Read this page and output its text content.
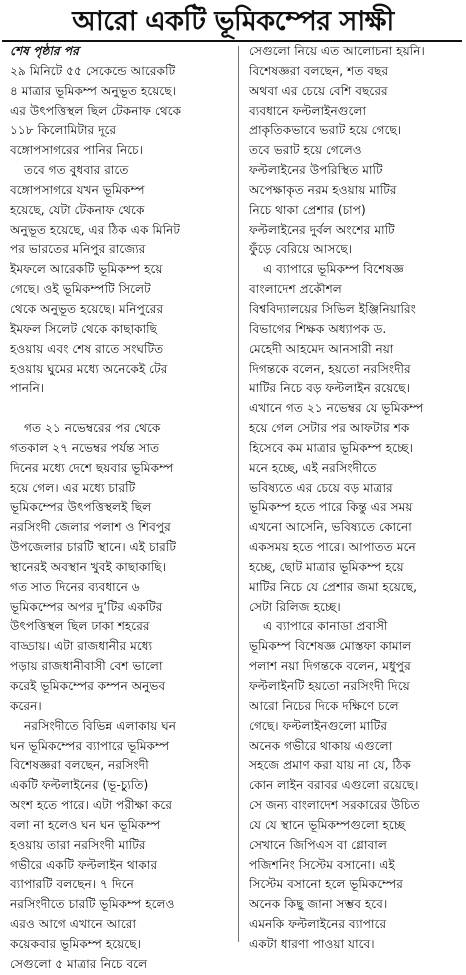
আরো একটি ভূমিকম্পের সাক্ষী
শেষ পৃষ্ঠার পর
২৯ মিনিটে ৫৫ সেকেন্ডে আরেকটি
৪ মাত্রার ভূমিকম্প অনুভূত হয়েছে।
এর উৎপত্তিস্থল ছিল টেকনাফ থেকে
১১৮ কিলোমিটার দূরে
বঙ্গোপসাগরের পানির নিচে।
তবে গত বুধবার রাতে
বঙ্গোপসাগরে যখন ভূমিকম্প
হয়েছে, যেটা টেকনাফ থেকে
অনুভূত হয়েছে, এর ঠিক এক মিনিট
পর ভারতের মনিপুর রাজ্যের
ইমফলে আরেকটি ভূমিকম্প হয়ে
গেছে। ওই ভূমিকম্পটি সিলেট
থেকে অনুভূত হয়েছে। মনিপুরের
ইমফল সিলেট থেকে কাছাকাছি
হওয়ায় এবং শেষ রাতে সংঘটিত
হওয়ায় ঘুমের মধ্যে অনেকেই টের
পাননি।
গত ২১ নভেম্বরের পর থেকে
গতকাল ২৭ নভেম্বর পর্যন্ত সাত
দিনের মধ্যে দেশে ছয়বার ভূমিকম্প
হয়ে গেল। এর মধ্যে চারটি
ভূমিকম্পের উৎপত্তিস্থলই ছিল
নরসিংদী জেলার পলাশ ও শিবপুর
উপজেলার চারটি স্থানে। এই চারটি
স্থানেরই অবস্থান খুবই কাছাকাছি।
গত সাত দিনের ব্যবধানে ৬
ভূমিকম্পের অপর দু’টির একটির
উৎপত্তিস্থল ছিল ঢাকা শহরের
বাড্ডায়। এটা রাজধানীর মধ্যে
পড়ায় রাজধানীবাসী বেশ ভালো
করেই ভূমিকম্পের কম্পন অনুভব
করেন।
নরসিংদীতে বিভিন্ন এলাকায় ঘন
ঘন ভূমিকম্পের ব্যাপারে ভূমিকম্প
বিশেষজ্ঞরা বলছেন, নরসিংদী
একটি ফল্টলাইনের (ভূ-চ্যুতি)
অংশ হতে পারে। এটা পরীক্ষা করে
বলা না হলেও ঘন ঘন ভূমিকম্প
হওয়ায় তারা নরসিংদী মাটির
গভীরে একটি ফল্টলাইন থাকার
ব্যাপারটি বলছেন। ৭ দিনে
নরসিংদীতে চারটি ভূমিকম্প হলেও
এরও আগে এখানে আরো
কয়েকবার ভূমিকম্প হয়েছে।
সেগুলো ৫ মাত্রার নিচে বলে
সেগুলো নিয়ে এত আলোচনা হয়নি।
বিশেষজ্ঞরা বলছেন, শত বছর
অথবা এর চেয়ে বেশি বছরের
ব্যবধানে ফল্টলাইনগুলো
প্রাকৃতিকভাবে ভরাট হয়ে গেছে।
তবে ভরাট হয়ে গেলেও
ফল্টলাইনের উপরিস্থিত মাটি
অপেক্ষাকৃত নরম হওয়ায় মাটির
নিচে থাকা প্রেশার (চাপ)
ফল্টলাইনের দুর্বল অংশের মাটি
ফুঁড়ে বেরিয়ে আসছে।
এ ব্যাপারে ভূমিকম্প বিশেষজ্ঞ
বাংলাদেশ প্রকৌশল
বিশ্ববিদ্যালয়ের সিভিল ইঞ্জিনিয়ারিং
বিভাগের শিক্ষক অধ্যাপক ড.
মেহেদী আহমেদ আনসারী নয়া
দিগন্তকে বলেন, হয়তো নরসিংদীর
মাটির নিচে বড় ফল্টলাইন রয়েছে।
এখানে গত ২১ নভেম্বর যে ভূমিকম্প
হয়ে গেল সেটার পর আফটার শক
হিসেবে কম মাত্রার ভূমিকম্প হচ্ছে।
মনে হচ্ছে, এই নরসিংদীতে
ভবিষ্যতে এর চেয়ে বড় মাত্রার
ভূমিকম্প হতে পারে কিন্তু এর সময়
এখনো আসেনি, ভবিষ্যতে কোনো
একসময় হতে পারে। আপাতত মনে
হচ্ছে, ছোট মাত্রার ভূমিকম্প হয়ে
মাটির নিচে যে প্রেশার জমা হয়েছে,
সেটা রিলিজ হচ্ছে।
এ ব্যাপারে কানাডা প্রবাসী
ভূমিকম্প বিশেষজ্ঞ মোস্তফা কামাল
পলাশ নয়া দিগন্তকে বলেন, মধুপুর
ফল্টলাইনটি হয়তো নরসিংদী দিয়ে
আরো নিচের দিকে দক্ষিণে চলে
গেছে। ফল্টলাইনগুলো মাটির
অনেক গভীরে থাকায় এগুলো
সহজে প্রমাণ করা যায় না যে, ঠিক
কোন লাইন বরাবর এগুলো রয়েছে।
সে জন্য বাংলাদেশ সরকারের উচিত
যে যে স্থানে ভূমিকম্পগুলো হচ্ছে
সেখানে জিপিএস বা গ্লোবাল
পজিশনিং সিস্টেম বসানো। এই
সিস্টেম বসানো হলে ভূমিকম্পের
অনেক কিছু জানা সম্ভব হবে।
এমনকি ফল্টলাইনের ব্যাপারে
একটা ধারণা পাওয়া যাবে।
